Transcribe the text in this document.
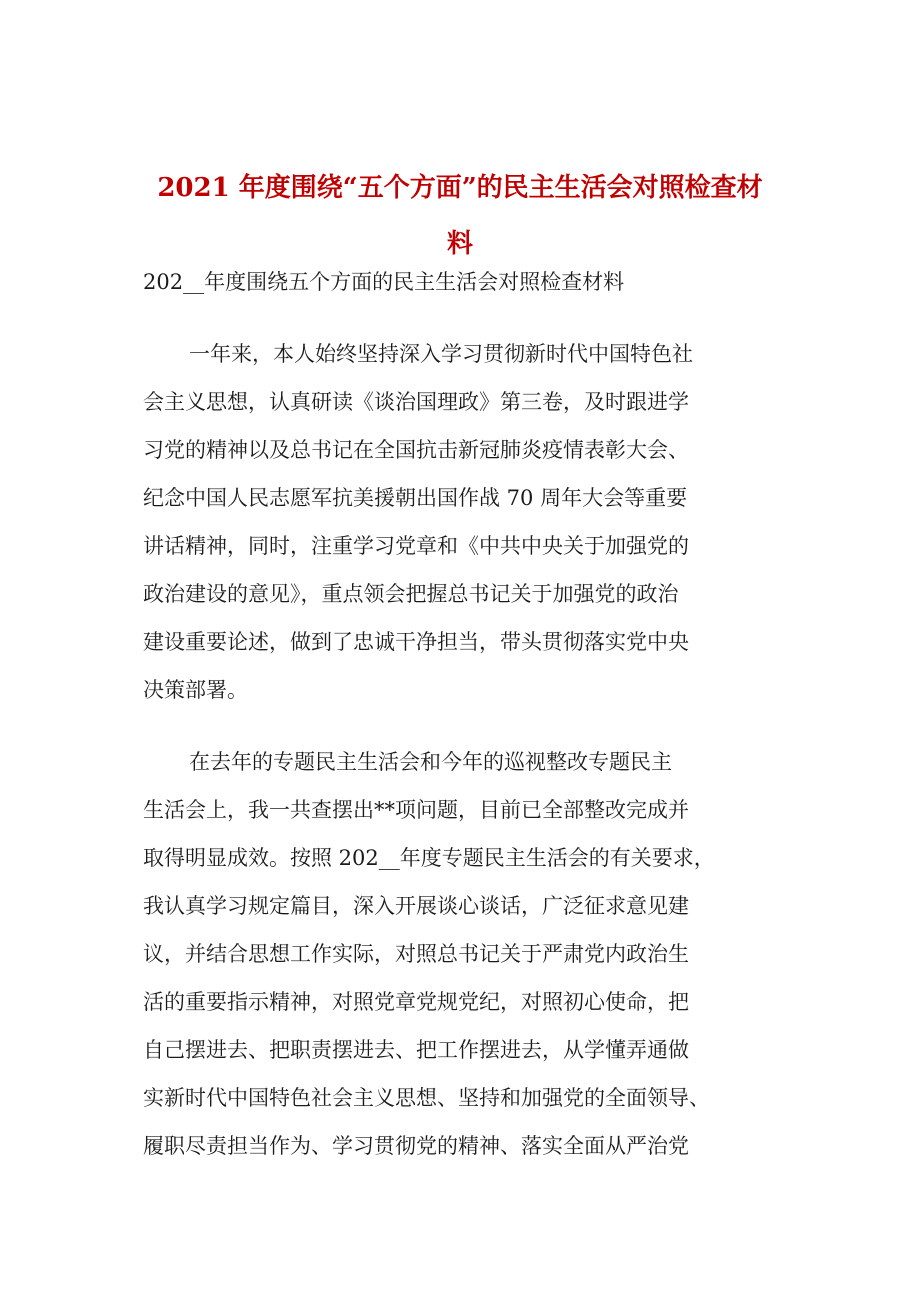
2021 年度围绕“五个方面”的民主生活会对照检查材
料

202__年度围绕五个方面的民主生活会对照检查材料

一年来，本人始终坚持深入学习贯彻新时代中国特色社
会主义思想，认真研读《谈治国理政》第三卷，及时跟进学
习党的精神以及总书记在全国抗击新冠肺炎疫情表彰大会、
纪念中国人民志愿军抗美援朝出国作战 70 周年大会等重要
讲话精神，同时，注重学习党章和《中共中央关于加强党的
政治建设的意见》，重点领会把握总书记关于加强党的政治
建设重要论述，做到了忠诚干净担当，带头贯彻落实党中央
决策部署。
在去年的专题民主生活会和今年的巡视整改专题民主
生活会上，我一共查摆出**项问题，目前已全部整改完成并
取得明显成效。按照 202__年度专题民主生活会的有关要求，
我认真学习规定篇目，深入开展谈心谈话，广泛征求意见建
议，并结合思想工作实际，对照总书记关于严肃党内政治生
活的重要指示精神，对照党章党规党纪，对照初心使命，把
自己摆进去、把职责摆进去、把工作摆进去，从学懂弄通做
实新时代中国特色社会主义思想、坚持和加强党的全面领导、
履职尽责担当作为、学习贯彻党的精神、落实全面从严治党
